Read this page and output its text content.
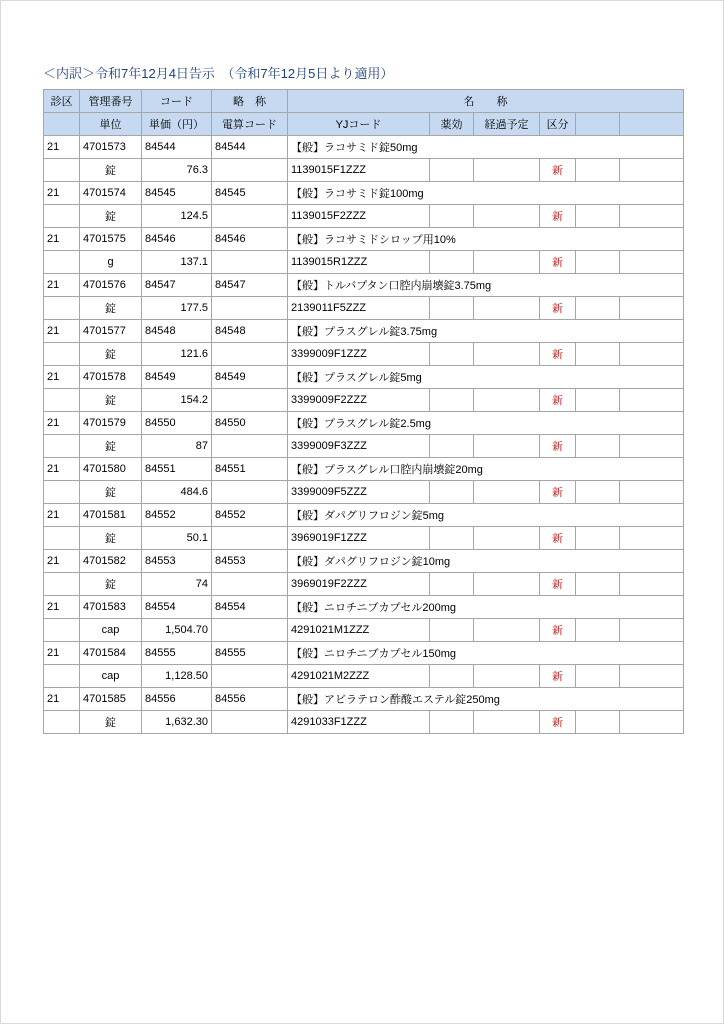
＜内訳＞令和7年12月4日告示　（令和7年12月5日より適用）
診区	管理番号	コード	略　称	名　　称					
	単位	単価（円）	電算コード	YJコード	薬効	経過予定	区分		
21	4701573	84544	84544	【般】ラコサミド錠50mg					
	錠	76.3		1139015F1ZZZ			新		
21	4701574	84545	84545	【般】ラコサミド錠100mg					
	錠	124.5		1139015F2ZZZ			新		
21	4701575	84546	84546	【般】ラコサミドシロップ用10%					
	g	137.1		1139015R1ZZZ			新		
21	4701576	84547	84547	【般】トルバプタン口腔内崩壊錠3.75mg					
	錠	177.5		2139011F5ZZZ			新		
21	4701577	84548	84548	【般】プラスグレル錠3.75mg					
	錠	121.6		3399009F1ZZZ			新		
21	4701578	84549	84549	【般】プラスグレル錠5mg					
	錠	154.2		3399009F2ZZZ			新		
21	4701579	84550	84550	【般】プラスグレル錠2.5mg					
	錠	87		3399009F3ZZZ			新		
21	4701580	84551	84551	【般】プラスグレル口腔内崩壊錠20mg					
	錠	484.6		3399009F5ZZZ			新		
21	4701581	84552	84552	【般】ダパグリフロジン錠5mg					
	錠	50.1		3969019F1ZZZ			新		
21	4701582	84553	84553	【般】ダパグリフロジン錠10mg					
	錠	74		3969019F2ZZZ			新		
21	4701583	84554	84554	【般】ニロチニブカプセル200mg					
	cap	1,504.70		4291021M1ZZZ			新		
21	4701584	84555	84555	【般】ニロチニブカプセル150mg					
	cap	1,128.50		4291021M2ZZZ			新		
21	4701585	84556	84556	【般】アビラテロン酢酸エステル錠250mg					
	錠	1,632.30		4291033F1ZZZ			新		
